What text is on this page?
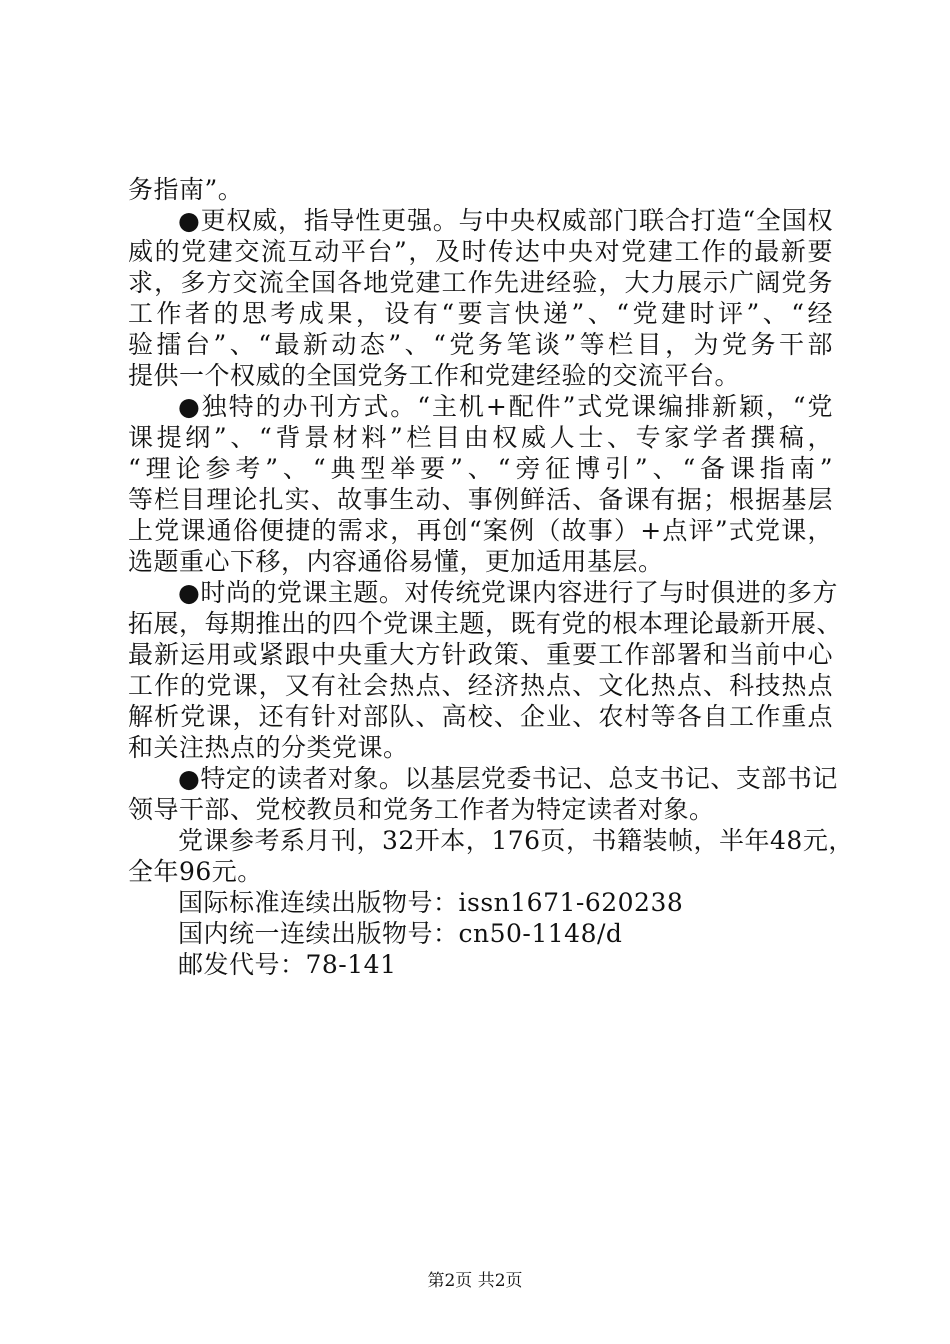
务指南”。
●更权威，指导性更强。与中央权威部门联合打造“全国权
威的党建交流互动平台”，及时传达中央对党建工作的最新要
求，多方交流全国各地党建工作先进经验，大力展示广阔党务
工作者的思考成果，设有“要言快递”、“党建时评”、“经
验擂台”、“最新动态”、“党务笔谈”等栏目，为党务干部
提供一个权威的全国党务工作和党建经验的交流平台。
●独特的办刊方式。“主机+配件”式党课编排新颖，“党
课提纲”、“背景材料”栏目由权威人士、专家学者撰稿，
“理论参考”、“典型举要”、“旁征博引”、“备课指南”
等栏目理论扎实、故事生动、事例鲜活、备课有据；根据基层
上党课通俗便捷的需求，再创“案例（故事）+点评”式党课，
选题重心下移，内容通俗易懂，更加适用基层。
●时尚的党课主题。对传统党课内容进行了与时俱进的多方
拓展，每期推出的四个党课主题，既有党的根本理论最新开展、
最新运用或紧跟中央重大方针政策、重要工作部署和当前中心
工作的党课，又有社会热点、经济热点、文化热点、科技热点
解析党课，还有针对部队、高校、企业、农村等各自工作重点
和关注热点的分类党课。
●特定的读者对象。以基层党委书记、总支书记、支部书记
领导干部、党校教员和党务工作者为特定读者对象。
党课参考系月刊，32开本，176页，书籍装帧，半年48元，
全年96元。
国际标准连续出版物号：issn1671-620238
国内统一连续出版物号：cn50-1148/d
邮发代号：78-141
第2页 共2页
